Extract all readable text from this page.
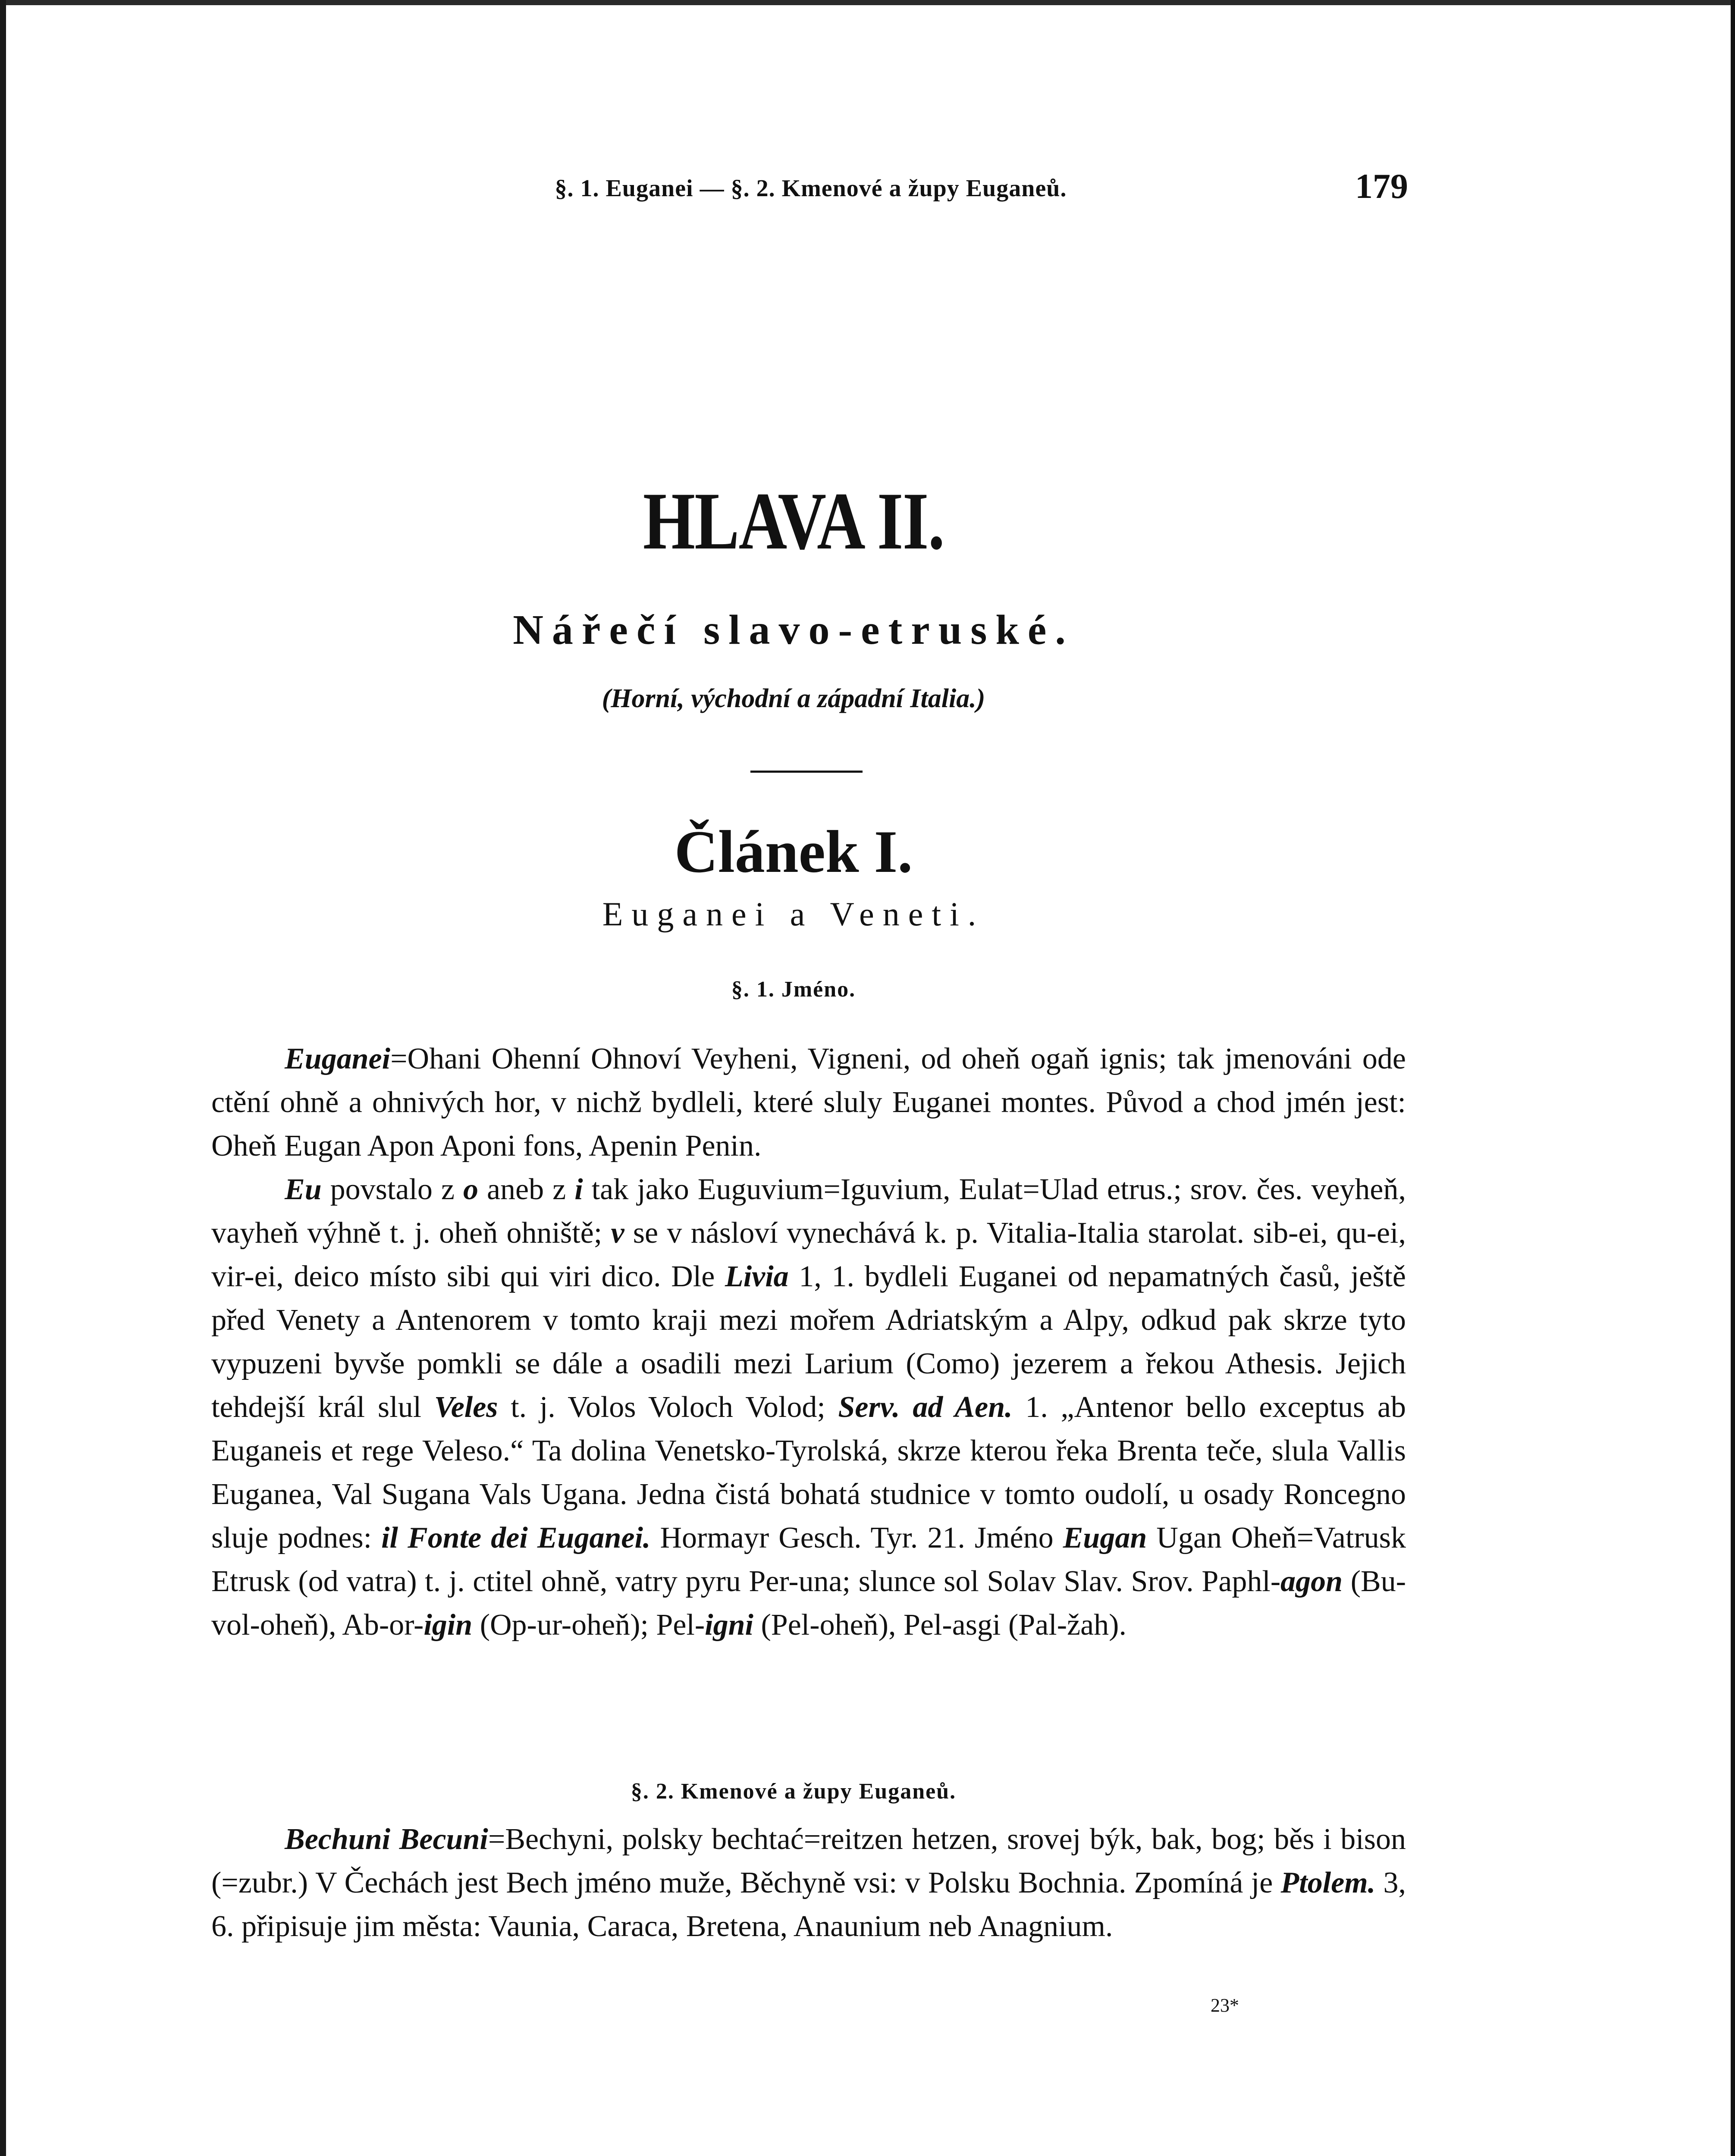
§. 1. Euganei — §. 2. Kmenové a župy Euganeů.	179
HLAVA II.
Nářečí slavo-etruské.
(Horní, východní a západní Italia.)
Článek I.
Euganei a Veneti.
§. 1. Jméno.

Euganei=Ohani Ohenní Ohnoví Veyheni, Vigneni, od oheň ogaň ignis; tak jmenováni ode ctění ohně a ohnivých hor, v nichž bydleli, které sluly Euganei montes. Původ a chod jmén jest: Oheň Eugan Apon Aponi fons, Apenin Penin.

Eu povstalo z o aneb z i tak jako Euguvium=Iguvium, Eulat=Ulad etrus.; srov. čes. veyheň, vayheň výhně t. j. oheň ohniště; v se v násloví vynechává k. p. Vitalia-Italia starolat. sib-ei, qu-ei, vir-ei, deico místo sibi qui viri dico. Dle Livia 1, 1. bydleli Euganei od nepamatných časů, ještě před Venety a Antenorem v tomto kraji mezi mořem Adriatským a Alpy, odkud pak skrze tyto vypuzeni byvše pomkli se dále a osadili mezi Larium (Como) jezerem a řekou Athesis. Jejich tehdejší král slul Veles t. j. Volos Voloch Volod; Serv. ad Aen. 1. „Antenor bello exceptus ab Euganeis et rege Veleso.“ Ta dolina Venetsko-Tyrolská, skrze kterou řeka Brenta teče, slula Vallis Euganea, Val Sugana Vals Ugana. Jedna čistá bohatá studnice v tomto oudolí, u osady Roncegno sluje podnes: il Fonte dei Euganei. Hormayr Gesch. Tyr. 21. Jméno Eugan Ugan Oheň=Vatrusk Etrusk (od vatra) t. j. ctitel ohně, vatry pyru Per-una; slunce sol Solav Slav. Srov. Paphl-agon (Bu-vol-oheň), Ab-or-igin (Op-ur-oheň); Pel-igni (Pel-oheň), Pel-asgi (Pal-žah).

§. 2. Kmenové a župy Euganeů.

Bechuni Becuni=Bechyni, polsky bechtać=reitzen hetzen, srovej býk, bak, bog; běs i bison (=zubr.) V Čechách jest Bech jméno muže, Běchyně vsi: v Polsku Bochnia. Zpomíná je Ptolem. 3, 6. připisuje jim města: Vaunia, Caraca, Bretena, Anaunium neb Anagnium.

23*
